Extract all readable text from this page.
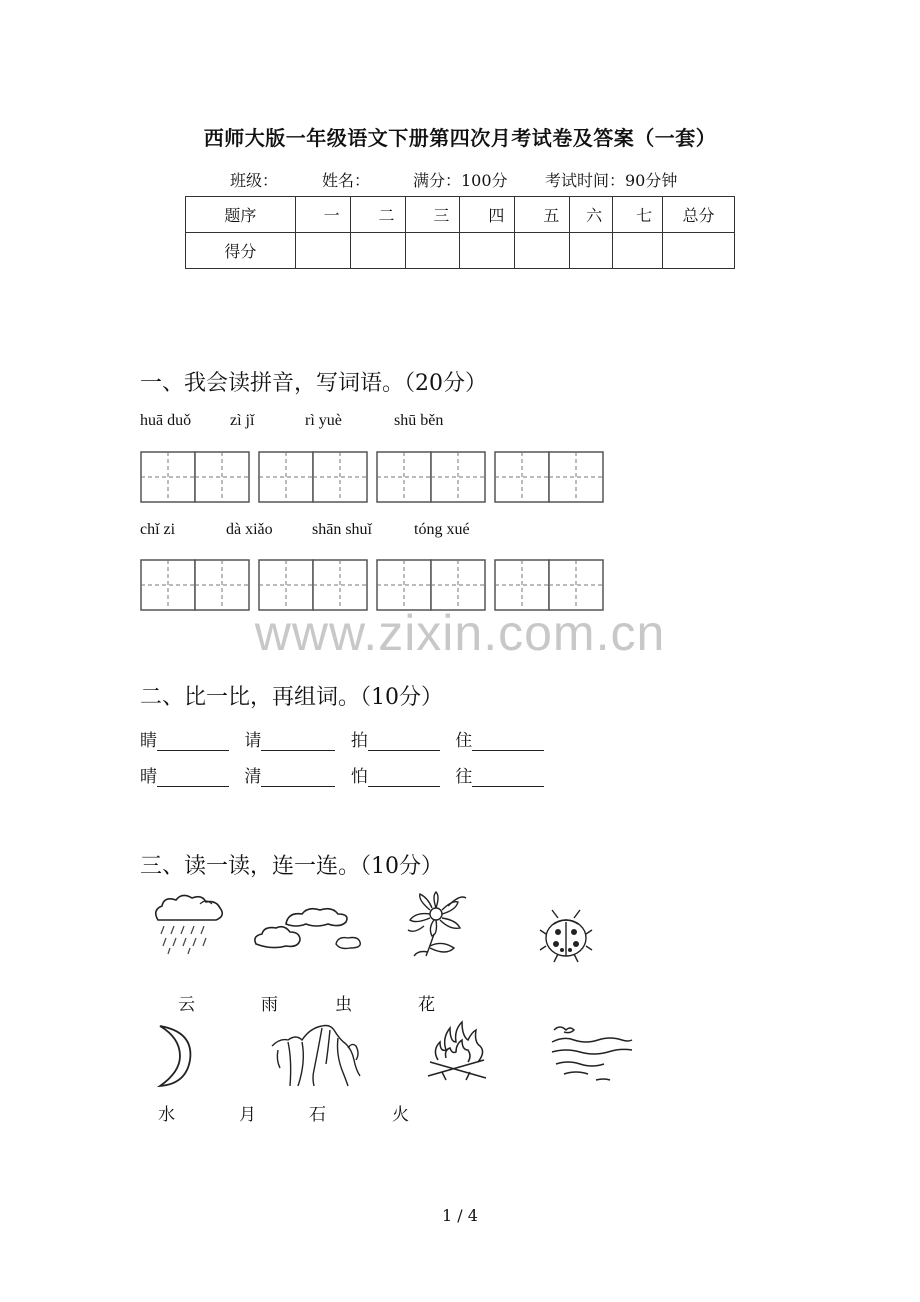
西师大版一年级语文下册第四次月考试卷及答案（一套）
班级：	姓名：	满分：100分 考试时间：90分钟
题序	一	二	三	四	五	六	七	总分
得分								
一、我会读拼音，写词语。（20分）
huā duǒ zì jǐ	rì yuè	shū běn
chǐ zi	dà xiǎo shān shuǐ	tóng xué
www.zixin.com.cn
二、比一比，再组词。（10分）
睛	请	拍	住
晴	清	怕	往
三、读一读，连一连。（10分）
云	雨	虫	花
水	月	石	火
1 / 4
